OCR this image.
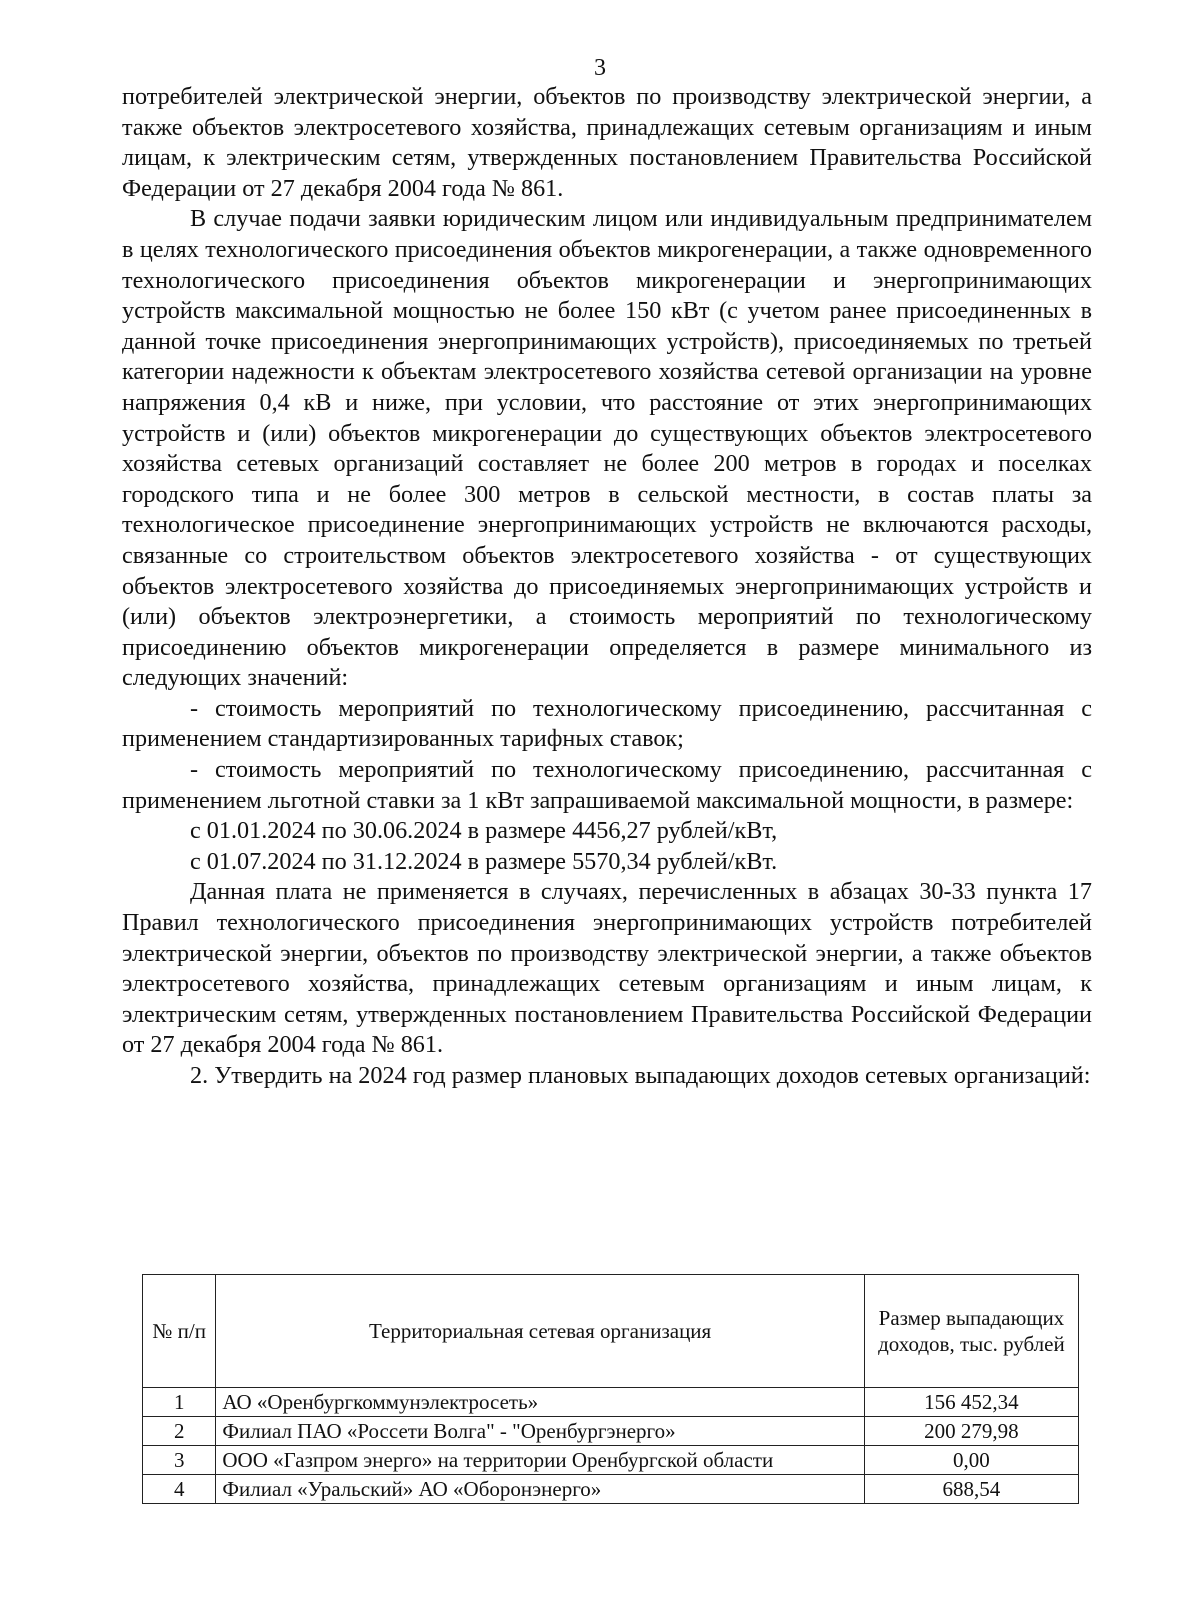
3

потребителей электрической энергии, объектов по производству электрической энергии, а также объектов электросетевого хозяйства, принадлежащих сетевым организациям и иным лицам, к электрическим сетям, утвержденных постановлением Правительства Российской Федерации от 27 декабря 2004 года № 861.

В случае подачи заявки юридическим лицом или индивидуальным предпринимателем в целях технологического присоединения объектов микрогенерации, а также одновременного технологического присоединения объектов микрогенерации и энергопринимающих устройств максимальной мощностью не более 150 кВт (с учетом ранее присоединенных в данной точке присоединения энергопринимающих устройств), присоединяемых по третьей категории надежности к объектам электросетевого хозяйства сетевой организации на уровне напряжения 0,4 кВ и ниже, при условии, что расстояние от этих энергопринимающих устройств и (или) объектов микрогенерации до существующих объектов электросетевого хозяйства сетевых организаций составляет не более 200 метров в городах и поселках городского типа и не более 300 метров в сельской местности, в состав платы за технологическое присоединение энергопринимающих устройств не включаются расходы, связанные со строительством объектов электросетевого хозяйства - от существующих объектов электросетевого хозяйства до присоединяемых энергопринимающих устройств и (или) объектов электроэнергетики, а стоимость мероприятий по технологическому присоединению объектов микрогенерации определяется в размере минимального из следующих значений:

- стоимость мероприятий по технологическому присоединению, рассчитанная с применением стандартизированных тарифных ставок;

- стоимость мероприятий по технологическому присоединению, рассчитанная с применением льготной ставки за 1 кВт запрашиваемой максимальной мощности, в размере:

с 01.01.2024 по 30.06.2024 в размере 4456,27 рублей/кВт,

с 01.07.2024 по 31.12.2024 в размере 5570,34 рублей/кВт.

Данная плата не применяется в случаях, перечисленных в абзацах 30-33 пункта 17 Правил технологического присоединения энергопринимающих устройств потребителей электрической энергии, объектов по производству электрической энергии, а также объектов электросетевого хозяйства, принадлежащих сетевым организациям и иным лицам, к электрическим сетям, утвержденных постановлением Правительства Российской Федерации от 27 декабря 2004 года № 861.

2. Утвердить на 2024 год размер плановых выпадающих доходов сетевых организаций:

№ п/п	Территориальная сетевая организация	Размер выпадающих доходов, тыс. рублей
1	АО «Оренбургкоммунэлектросеть»	156 452,34
2	Филиал ПАО «Россети Волга" - "Оренбургэнерго»	200 279,98
3	ООО «Газпром энерго» на территории Оренбургской области	0,00
4	Филиал «Уральский» АО «Оборонэнерго»	688,54
